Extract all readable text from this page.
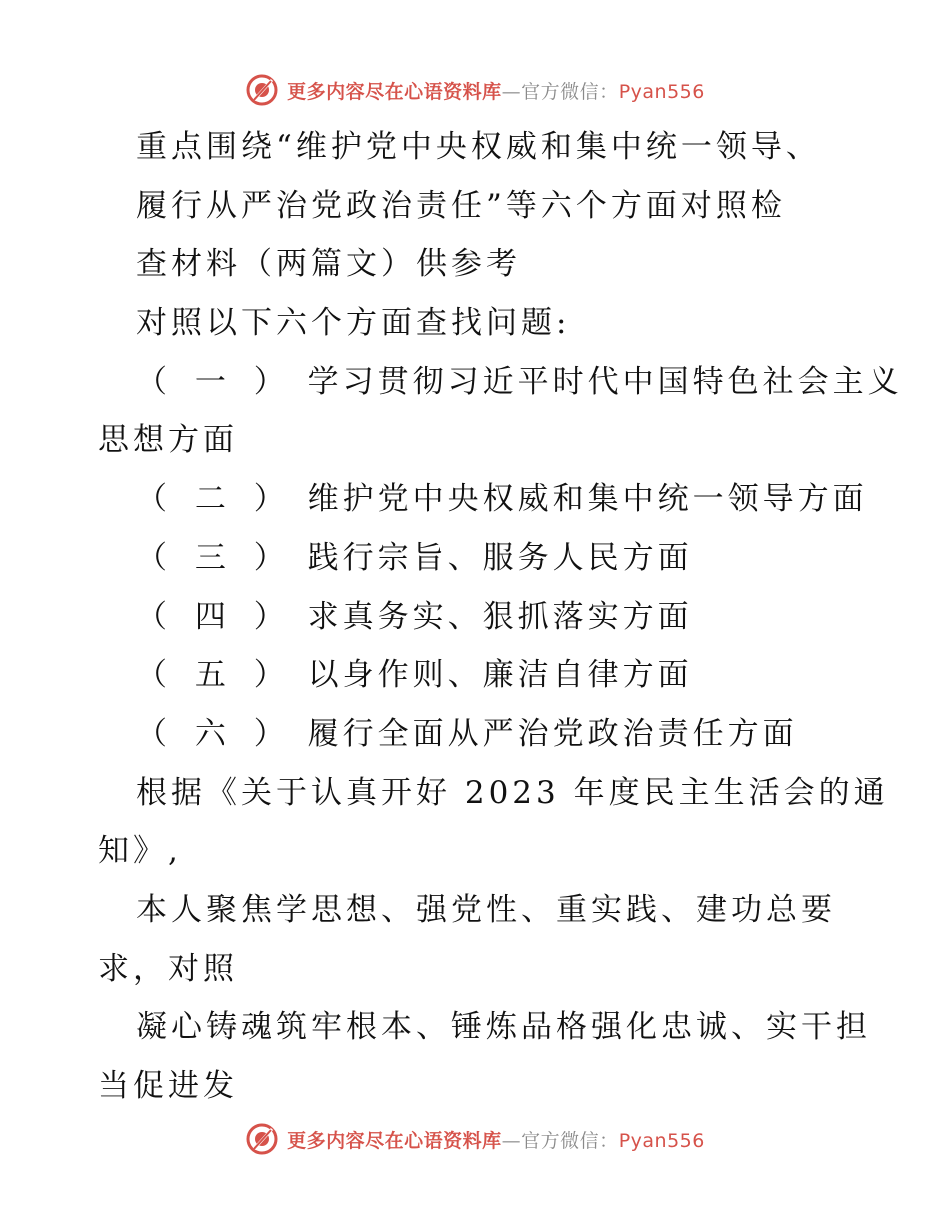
更多内容尽在心语资料库—官方微信：Pyan556
重点围绕“维护党中央权威和集中统一领导、
履行从严治党政治责任”等六个方面对照检
查材料（两篇文）供参考
对照以下六个方面查找问题:
（ 一 ） 学习贯彻习近平时代中国特色社会主义
思想方面
（ 二 ） 维护党中央权威和集中统一领导方面
（ 三 ） 践行宗旨、服务人民方面
（ 四 ） 求真务实、狠抓落实方面
（ 五 ） 以身作则、廉洁自律方面
（ 六 ） 履行全面从严治党政治责任方面
根据《关于认真开好 2023 年度民主生活会的通
知》,
本人聚焦学思想、强党性、重实践、建功总要
求，对照
凝心铸魂筑牢根本、锤炼品格强化忠诚、实干担
当促进发
更多内容尽在心语资料库—官方微信：Pyan556
